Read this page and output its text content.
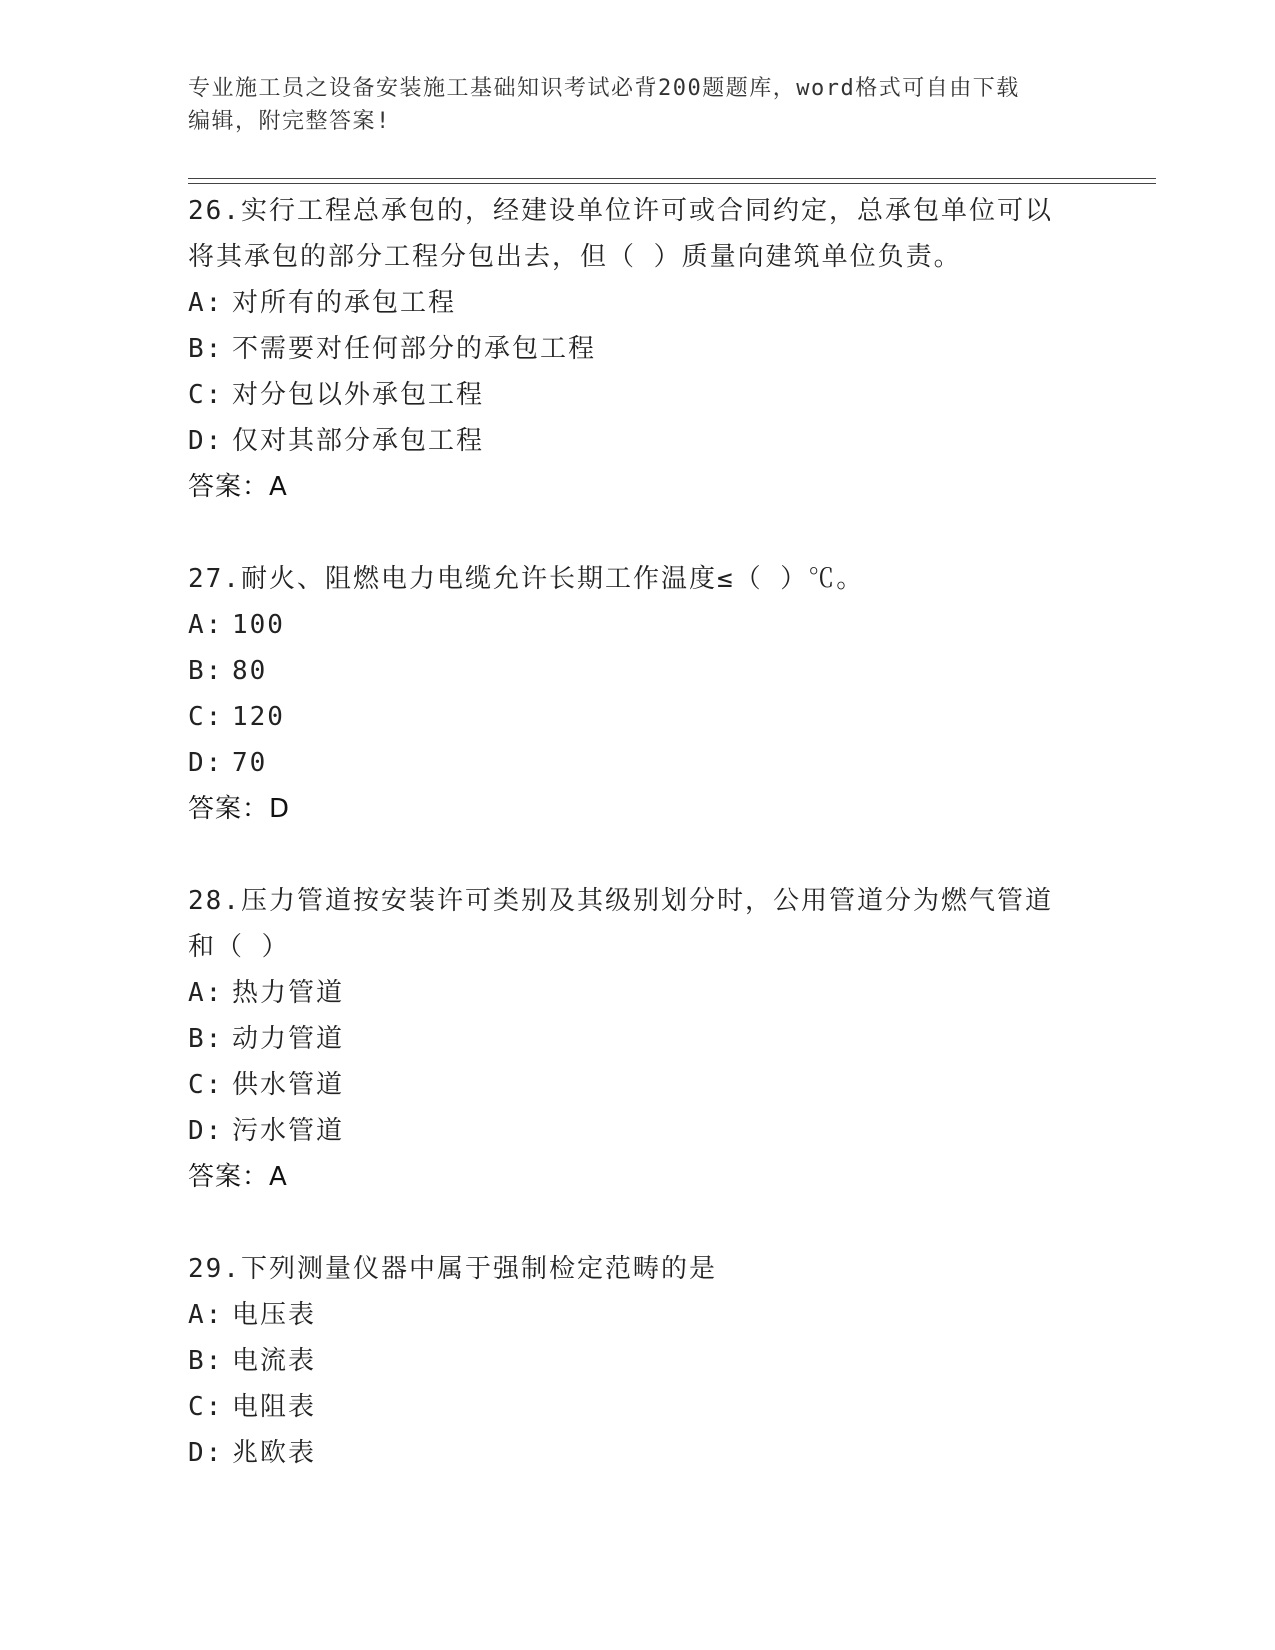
专业施工员之设备安装施工基础知识考试必背200题题库，word格式可自由下载
编辑，附完整答案!
26.实行工程总承包的，经建设单位许可或合同约定，总承包单位可以
将其承包的部分工程分包出去，但（ ）质量向建筑单位负责。
A: 对所有的承包工程
B: 不需要对任何部分的承包工程
C: 对分包以外承包工程
D: 仅对其部分承包工程
答案：A
27.耐火、阻燃电力电缆允许长期工作温度≤（ ）℃。
A: 100
B: 80
C: 120
D: 70
答案：D
28.压力管道按安装许可类别及其级别划分时，公用管道分为燃气管道
和（ ）
A: 热力管道
B: 动力管道
C: 供水管道
D: 污水管道
答案：A
29.下列测量仪器中属于强制检定范畴的是
A: 电压表
B: 电流表
C: 电阻表
D: 兆欧表
